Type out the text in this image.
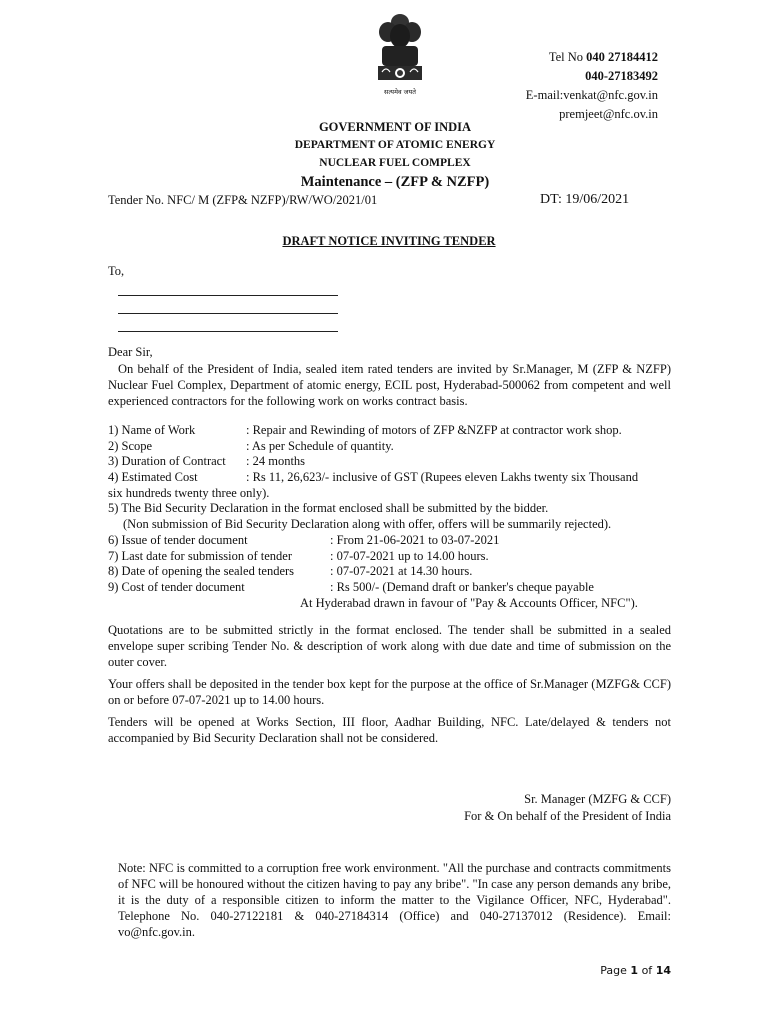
सत्यमेव जयते
Tel No 040 27184412
040-27183492
E-mail:venkat@nfc.gov.in
premjeet@nfc.ov.in
GOVERNMENT OF INDIA
DEPARTMENT OF ATOMIC ENERGY
NUCLEAR FUEL COMPLEX
Maintenance – (ZFP & NZFP)
Tender No. NFC/ M (ZFP& NZFP)/RW/WO/2021/01	DT: 19/06/2021
DRAFT NOTICE INVITING TENDER
To,
Dear Sir,
On behalf of the President of India, sealed item rated tenders are invited by Sr.Manager, M (ZFP & NZFP) Nuclear Fuel Complex, Department of atomic energy, ECIL post, Hyderabad-500062 from competent and well experienced contractors for the following work on works contract basis.
1) Name of Work	: Repair and Rewinding of motors of ZFP &NZFP at contractor work shop.
2) Scope	: As per Schedule of quantity.
3) Duration of Contract : 24 months
4) Estimated Cost	: Rs 11, 26,623/- inclusive of GST (Rupees eleven Lakhs twenty six Thousand
six hundreds twenty three only).
5) The Bid Security Declaration in the format enclosed shall be submitted by the bidder.
(Non submission of Bid Security Declaration along with offer, offers will be summarily rejected).
6) Issue of tender document	: From 21-06-2021 to 03-07-2021
7) Last date for submission of tender	: 07-07-2021 up to 14.00 hours.
8) Date of opening the sealed tenders	: 07-07-2021 at 14.30 hours.
9) Cost of tender document	: Rs 500/- (Demand draft or banker's cheque payable
At Hyderabad drawn in favour of "Pay & Accounts Officer, NFC").
Quotations are to be submitted strictly in the format enclosed. The tender shall be submitted in a sealed envelope super scribing Tender No. & description of work along with due date and time of submission on the outer cover.
Your offers shall be deposited in the tender box kept for the purpose at the office of Sr.Manager (MZFG& CCF) on or before 07-07-2021 up to 14.00 hours.
Tenders will be opened at Works Section, III floor, Aadhar Building, NFC. Late/delayed & tenders not accompanied by Bid Security Declaration shall not be considered.
Sr. Manager (MZFG & CCF)
For & On behalf of the President of India
Note: NFC is committed to a corruption free work environment. "All the purchase and contracts commitments of NFC will be honoured without the citizen having to pay any bribe". "In case any person demands any bribe, it is the duty of a responsible citizen to inform the matter to the Vigilance Officer, NFC, Hyderabad". Telephone No. 040-27122181 & 040-27184314 (Office) and 040-27137012 (Residence). Email: vo@nfc.gov.in.
Page 1 of 14
